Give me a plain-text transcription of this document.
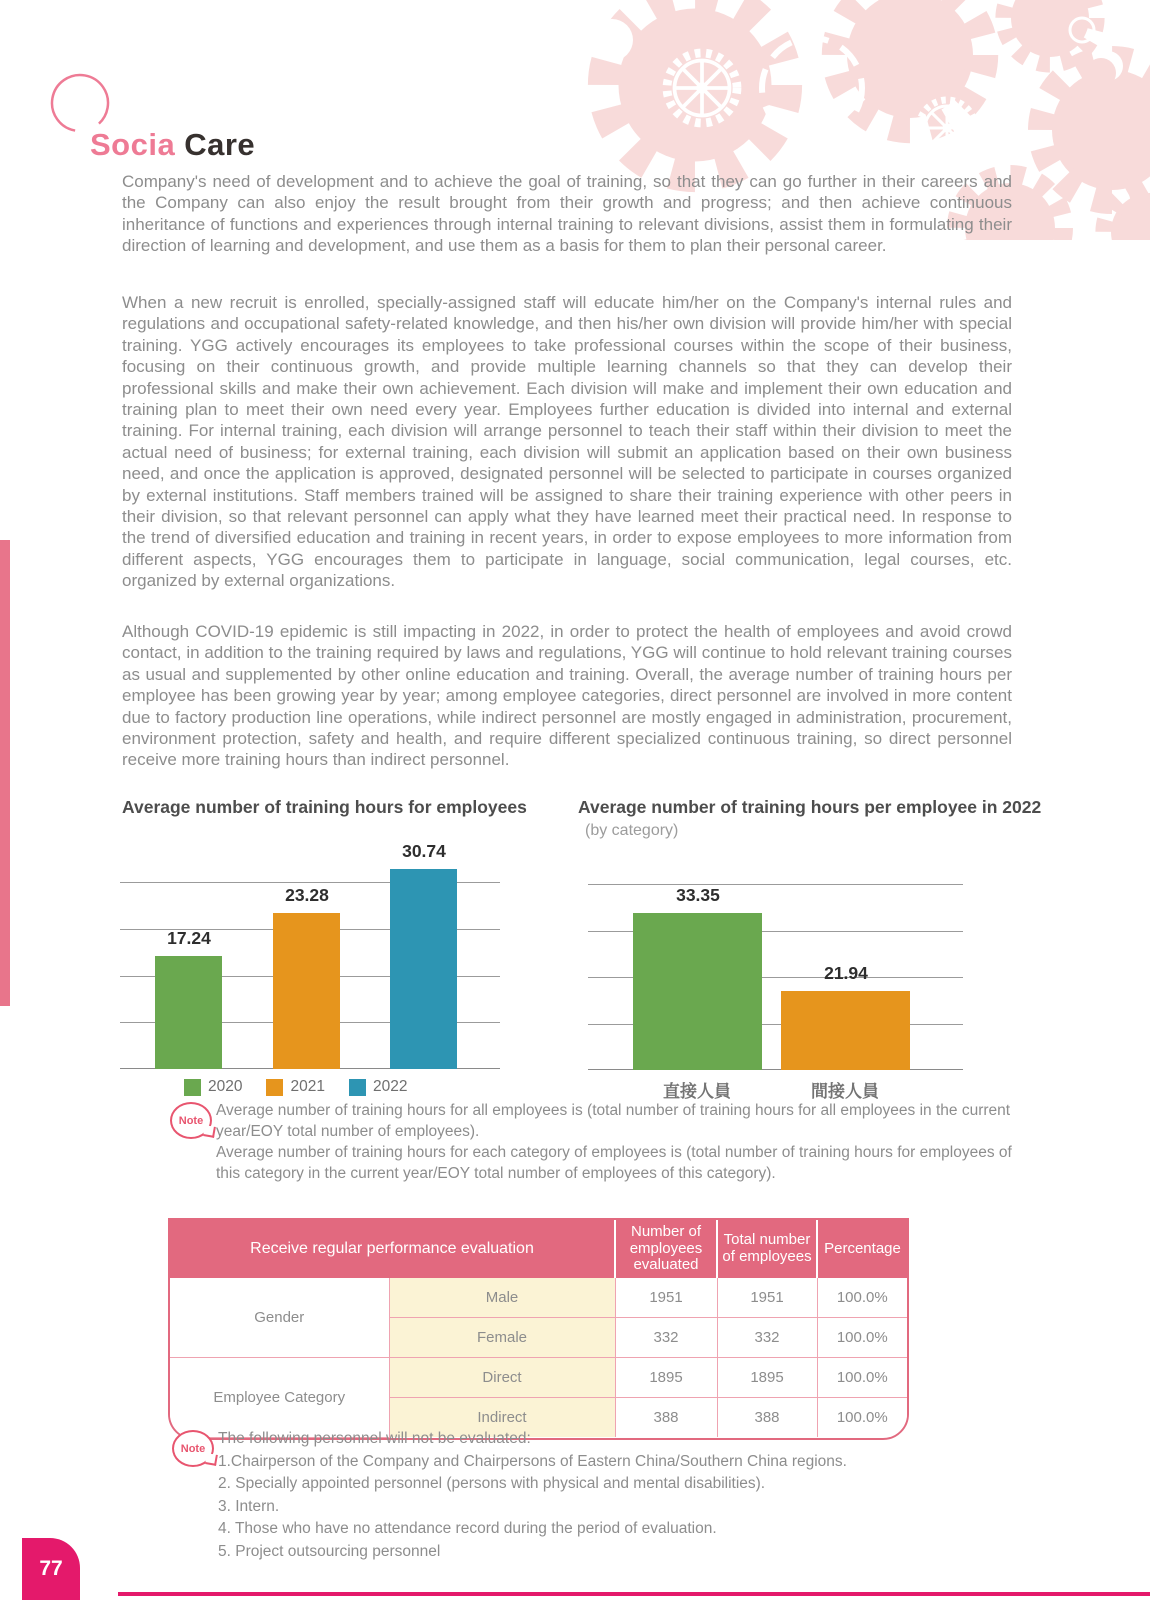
Socia Care

Company's need of development and to achieve the goal of training, so that they can go further in their careers and the Company can also enjoy the result brought from their growth and progress; and then achieve continuous inheritance of functions and experiences through internal training to relevant divisions, assist them in formulating their direction of learning and development, and use them as a basis for them to plan their personal career.

When a new recruit is enrolled, specially-assigned staff will educate him/her on the Company's internal rules and regulations and occupational safety-related knowledge, and then his/her own division will provide him/her with special training. YGG actively encourages its employees to take professional courses within the scope of their business, focusing on their continuous growth, and provide multiple learning channels so that they can develop their professional skills and make their own achievement. Each division will make and implement their own education and training plan to meet their own need every year. Employees further education is divided into internal and external training. For internal training, each division will arrange personnel to teach their staff within their division to meet the actual need of business; for external training, each division will submit an application based on their own business need, and once the application is approved, designated personnel will be selected to participate in courses organized by external institutions. Staff members trained will be assigned to share their training experience with other peers in their division, so that relevant personnel can apply what they have learned meet their practical need. In response to the trend of diversified education and training in recent years, in order to expose employees to more information from different aspects, YGG encourages them to participate in language, social communication, legal courses, etc. organized by external organizations.

Although COVID-19 epidemic is still impacting in 2022, in order to protect the health of employees and avoid crowd contact, in addition to the training required by laws and regulations, YGG will continue to hold relevant training courses as usual and supplemented by other online education and training. Overall, the average number of training hours per employee has been growing year by year; among employee categories, direct personnel are involved in more content due to factory production line operations, while indirect personnel are mostly engaged in administration, procurement, environment protection, safety and health, and require different specialized continuous training, so direct personnel receive more training hours than indirect personnel.

Average number of training hours for employees
17.24
23.28
30.74
2020	2021	2022
Average number of training hours per employee in 2022
(by category)
33.35
21.94
直接人員	間接人員
Note

Average number of training hours for all employees is (total number of training hours for all employees in the current year/EOY total number of employees).

Average number of training hours for each category of employees is (total number of training hours for employees of this category in the current year/EOY total number of employees of this category).

Receive regular performance evaluation		Number of employees evaluated	Total number of employees	Percentage
Gender	Male	1951	1951	100.0%
	Female	332	332	100.0%
Employee Category	Direct	1895	1895	100.0%
	Indirect	388	388	100.0%
Note

The following personnel will not be evaluated:

1.Chairperson of the Company and Chairpersons of Eastern China/Southern China regions.

2. Specially appointed personnel (persons with physical and mental disabilities).

3. Intern.

4. Those who have no attendance record during the period of evaluation.

5. Project outsourcing personnel

77
